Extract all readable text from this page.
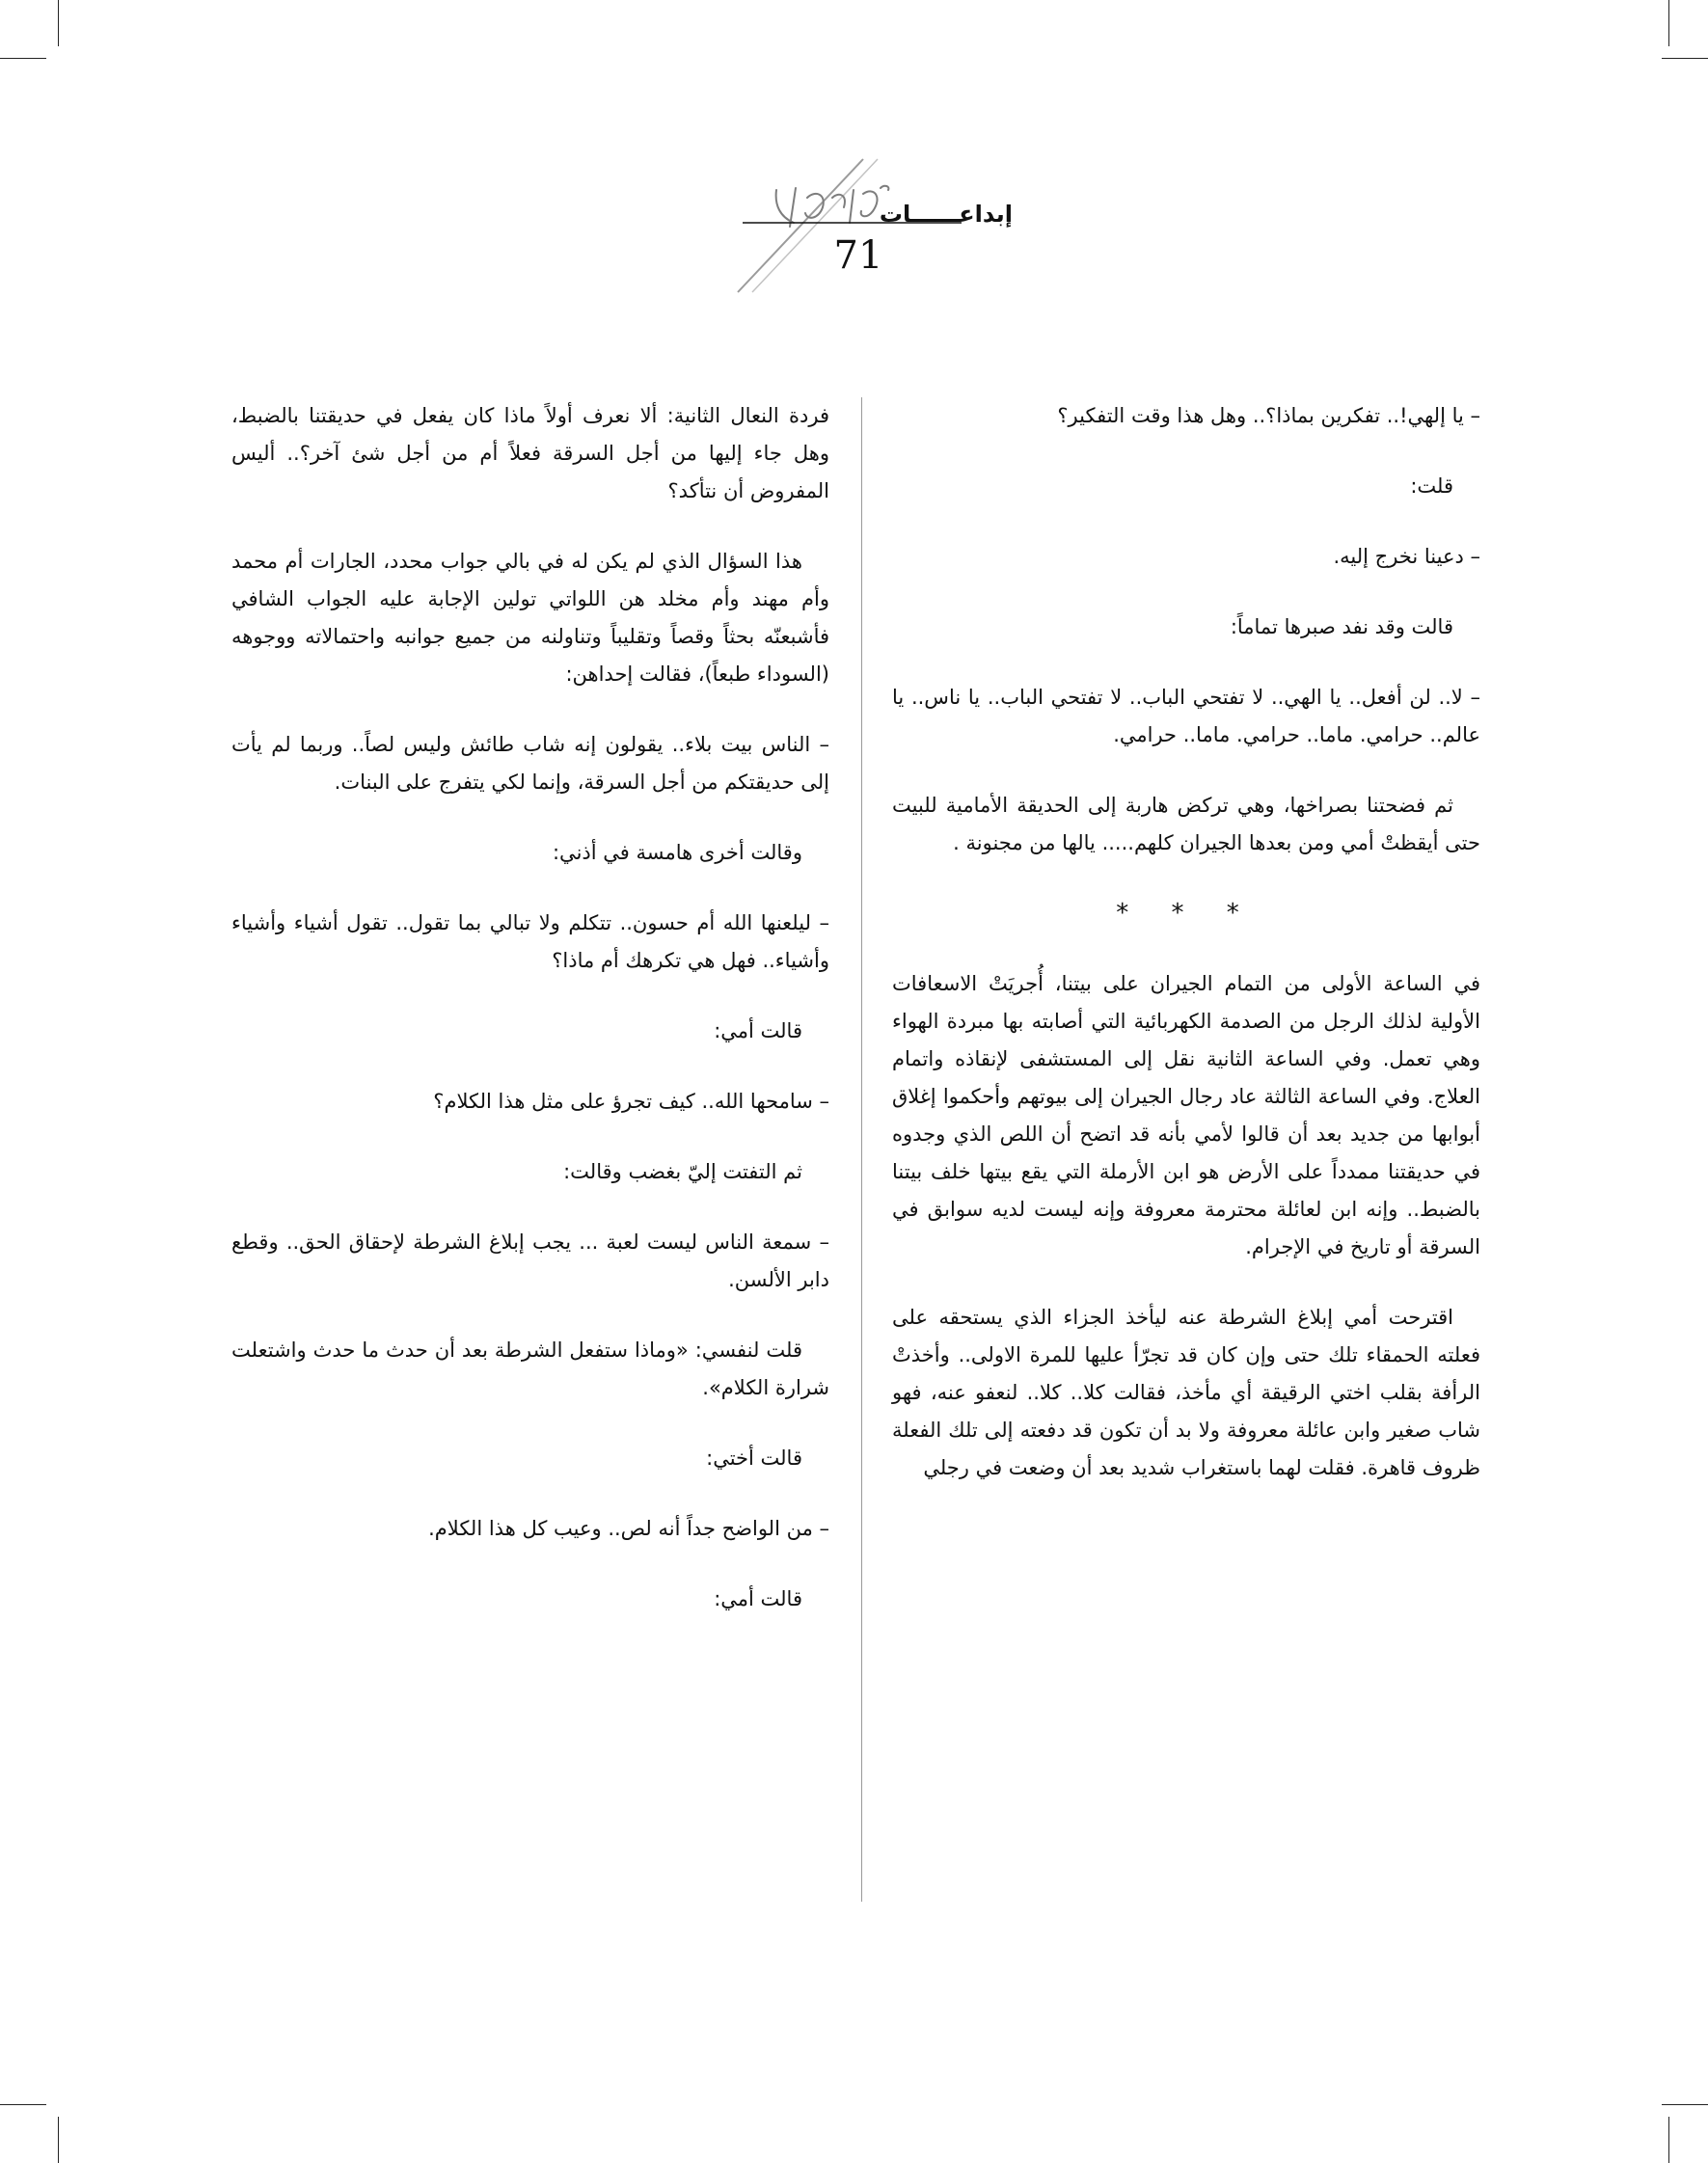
إبداعــــــات
71

– يا إلهي!.. تفكرين بماذا؟.. وهل هذا وقت التفكير؟

قلت:

– دعينا نخرج إليه.

قالت وقد نفد صبرها تماماً:

– لا.. لن أفعل.. يا الهي.. لا تفتحي الباب.. لا تفتحي الباب.. يا ناس.. يا عالم.. حرامي. ماما.. حرامي. ماما.. حرامي.

ثم فضحتنا بصراخها، وهي تركض هاربة إلى الحديقة الأمامية للبيت حتى أيقظتْ أمي ومن بعدها الجيران كلهم..... يالها من مجنونة .

* * *

في الساعة الأولى من التمام الجيران على بيتنا، أُجريَتْ الاسعافات الأولية لذلك الرجل من الصدمة الكهربائية التي أصابته بها مبردة الهواء وهي تعمل. وفي الساعة الثانية نقل إلى المستشفى لإنقاذه واتمام العلاج. وفي الساعة الثالثة عاد رجال الجيران إلى بيوتهم وأحكموا إغلاق أبوابها من جديد بعد أن قالوا لأمي بأنه قد اتضح أن اللص الذي وجدوه في حديقتنا ممدداً على الأرض هو ابن الأرملة التي يقع بيتها خلف بيتنا بالضبط.. وإنه ابن لعائلة محترمة معروفة وإنه ليست لديه سوابق في السرقة أو تاريخ في الإجرام.

اقترحت أمي إبلاغ الشرطة عنه ليأخذ الجزاء الذي يستحقه على فعلته الحمقاء تلك حتى وإن كان قد تجرّأ عليها للمرة الاولى.. وأخذتْ الرأفة بقلب اختي الرقيقة أي مأخذ، فقالت كلا.. كلا.. لنعفو عنه، فهو شاب صغير وابن عائلة معروفة ولا بد أن تكون قد دفعته إلى تلك الفعلة ظروف قاهرة. فقلت لهما باستغراب شديد بعد أن وضعت في رجلي

فردة النعال الثانية: ألا نعرف أولاً ماذا كان يفعل في حديقتنا بالضبط، وهل جاء إليها من أجل السرقة فعلاً أم من أجل شئ آخر؟.. أليس المفروض أن نتأكد؟

هذا السؤال الذي لم يكن له في بالي جواب محدد، الجارات أم محمد وأم مهند وأم مخلد هن اللواتي تولين الإجابة عليه الجواب الشافي فأشبعنّه بحثاً وقصاً وتقليباً وتناولنه من جميع جوانبه واحتمالاته ووجوهه (السوداء طبعاً)، فقالت إحداهن:

– الناس بيت بلاء.. يقولون إنه شاب طائش وليس لصاً.. وربما لم يأت إلى حديقتكم من أجل السرقة، وإنما لكي يتفرج على البنات.

وقالت أخرى هامسة في أذني:

– ليلعنها الله أم حسون.. تتكلم ولا تبالي بما تقول.. تقول أشياء وأشياء وأشياء.. فهل هي تكرهك أم ماذا؟

قالت أمي:

– سامحها الله.. كيف تجرؤ على مثل هذا الكلام؟

ثم التفتت إليّ بغضب وقالت:

– سمعة الناس ليست لعبة ... يجب إبلاغ الشرطة لإحقاق الحق.. وقطع دابر الألسن.

قلت لنفسي: «وماذا ستفعل الشرطة بعد أن حدث ما حدث واشتعلت شرارة الكلام».

قالت أختي:

– من الواضح جداً أنه لص.. وعيب كل هذا الكلام.

قالت أمي:
